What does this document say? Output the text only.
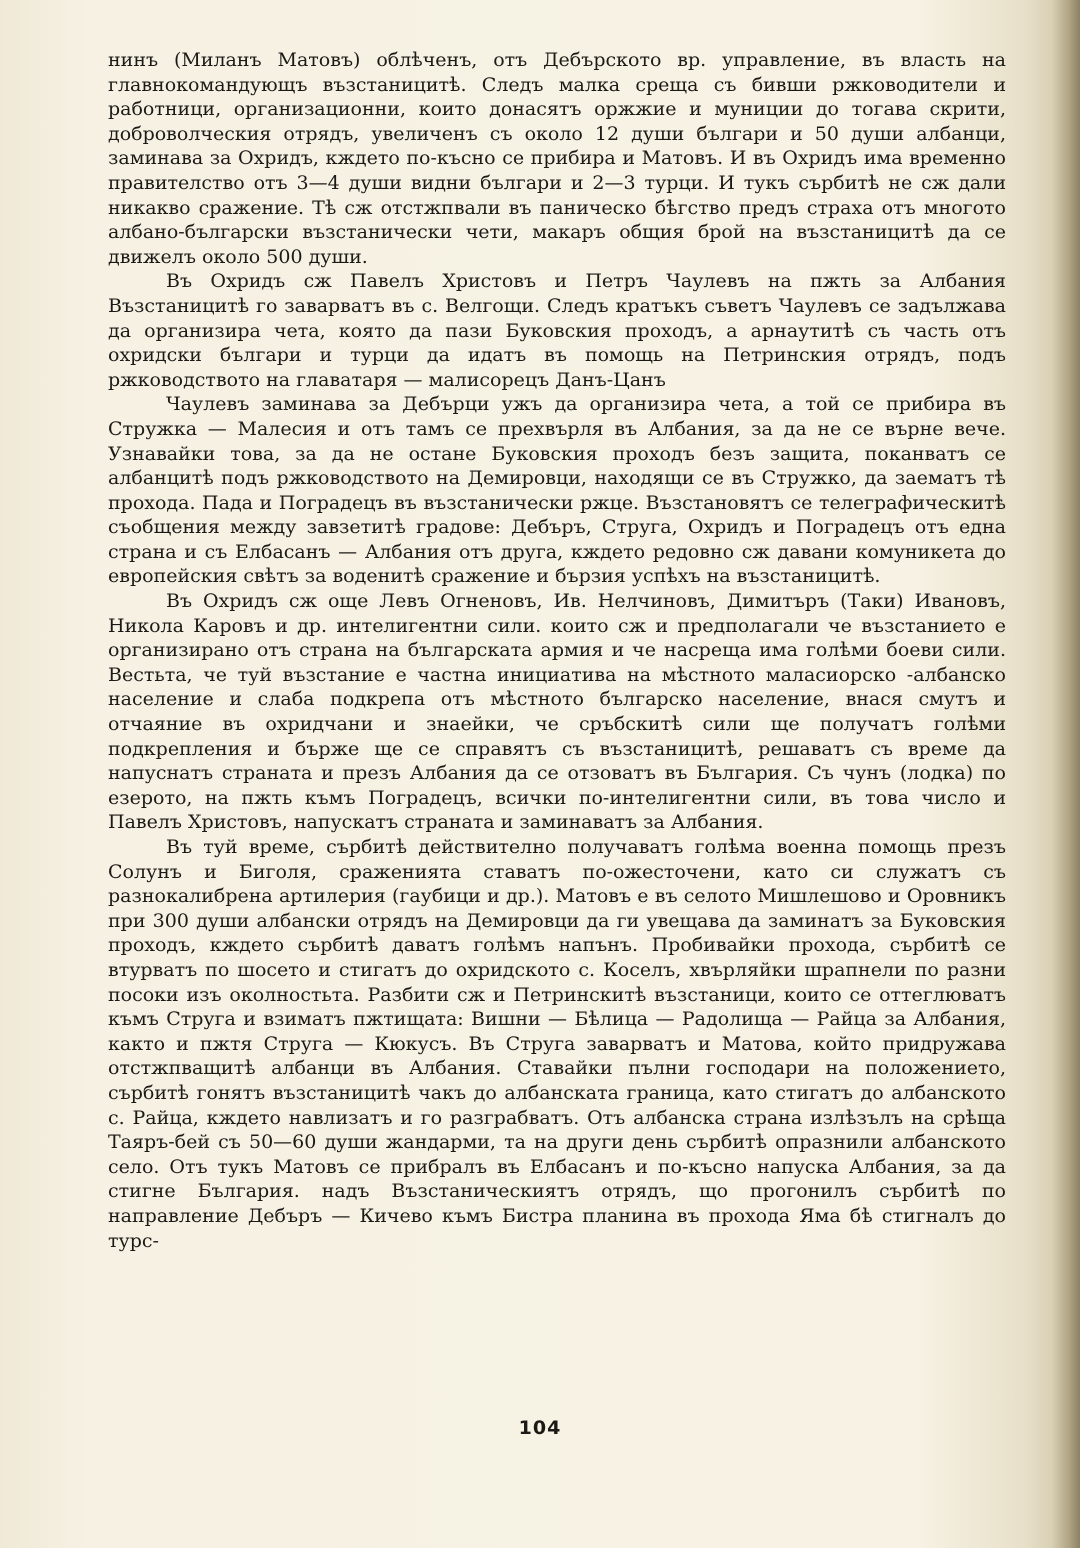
нинъ (Миланъ Матовъ) облѣченъ, отъ Дебърското вр. управление, въ власть на главнокомандующъ възстаницитѣ. Следъ малка среща съ бивши ржководители и работници, организационни, които донасятъ оржжие и муниции до тогава скрити, доброволческия отрядъ, увеличенъ съ около 12 души българи и 50 души албанци, заминава за Охридъ, кждето по-късно се прибира и Матовъ. И въ Охридъ има временно правителство отъ 3—4 души видни българи и 2—3 турци. И тукъ сърбитѣ не сж дали никакво сражение. Тѣ сж отстжпвали въ паническо бѣгство предъ страха отъ многото албано-български възстанически чети, макаръ общия брой на възстаницитѣ да се движелъ около 500 души.

Въ Охридъ сж Павелъ Христовъ и Петръ Чаулевъ на пжть за Албания Възстаницитѣ го заварватъ въ с. Велгощи. Следъ кратъкъ съветъ Чаулевъ се задължава да организира чета, която да пази Буковския проходъ, а арнаутитѣ съ часть отъ охридски българи и турци да идатъ въ помощь на Петринския отрядъ, подъ ржководството на главатаря — малисорецъ Данъ-Цанъ

Чаулевъ заминава за Дебърци ужъ да организира чета, а той се прибира въ Стружка — Малесия и отъ тамъ се прехвърля въ Албания, за да не се върне вече. Узнавайки това, за да не остане Буковския проходъ безъ защита, поканватъ се албанцитѣ подъ ржководството на Демировци, находящи се въ Стружко, да заематъ тѣ прохода. Пада и Поградецъ въ възстанически ржце. Възстановятъ се телеграфическитѣ съобщения между завзетитѣ градове: Дебъръ, Струга, Охридъ и Поградецъ отъ една страна и съ Елбасанъ — Албания отъ друга, кждето редовно сж давани комуникета до европейския свѣтъ за воденитѣ сражение и бързия успѣхъ на възстаницитѣ.

Въ Охридъ сж още Левъ Огненовъ, Ив. Нелчиновъ, Димитъръ (Таки) Ивановъ, Никола Каровъ и др. интелигентни сили. които сж и предполагали че възстанието е организирано отъ страна на българската армия и че насреща има голѣми боеви сили. Вестьта, че туй възстание е частна инициатива на мѣстното маласиорско -албанско население и слаба подкрепа отъ мѣстното българско население, внася смутъ и отчаяние въ охридчани и знаейки, че сръбскитѣ сили ще получатъ голѣми подкрепления и бърже ще се справятъ съ възстаницитѣ, решаватъ съ време да напуснатъ страната и презъ Албания да се отзоватъ въ България. Съ чунъ (лодка) по езерото, на пжть къмъ Поградецъ, всички по-интелигентни сили, въ това число и Павелъ Христовъ, напускатъ страната и заминаватъ за Албания.

Въ туй време, сърбитѣ действително получаватъ голѣма военна помощь презъ Солунъ и Биголя, сраженията ставатъ по-ожесточени, като си служатъ съ разнокалибрена артилерия (гаубици и др.). Матовъ е въ селото Мишлешово и Оровникъ при 300 души албански отрядъ на Демировци да ги увещава да заминатъ за Буковския проходъ, кждето сърбитѣ даватъ голѣмъ напънъ. Пробивайки прохода, сърбитѣ се втурватъ по шосето и стигатъ до охридското с. Коселъ, хвърляйки шрапнели по разни посоки изъ околностьта. Разбити сж и Петринскитѣ възстаници, които се оттеглюватъ къмъ Струга и взиматъ пжтищата: Вишни — Бѣлица — Радолища — Райца за Албания, както и пжтя Струга — Кюкусъ. Въ Струга заварватъ и Матова, който придружава отстжпващитѣ албанци въ Албания. Ставайки пълни господари на положението, сърбитѣ гонятъ възстаницитѣ чакъ до албанската граница, като стигатъ до албанското с. Райца, кждето навлизатъ и го разграбватъ. Отъ албанска страна излѣзълъ на срѣща Таяръ-бей съ 50—60 души жандарми, та на други день сърбитѣ опразнили албанското село. Отъ тукъ Матовъ се прибралъ въ Елбасанъ и по-късно напуска Албания, за да стигне България. надъ Възстаническиятъ отрядъ, що прогонилъ сърбитѣ по направление Дебъръ — Кичево къмъ Бистра планина въ прохода Яма бѣ стигналъ до турс-

104
